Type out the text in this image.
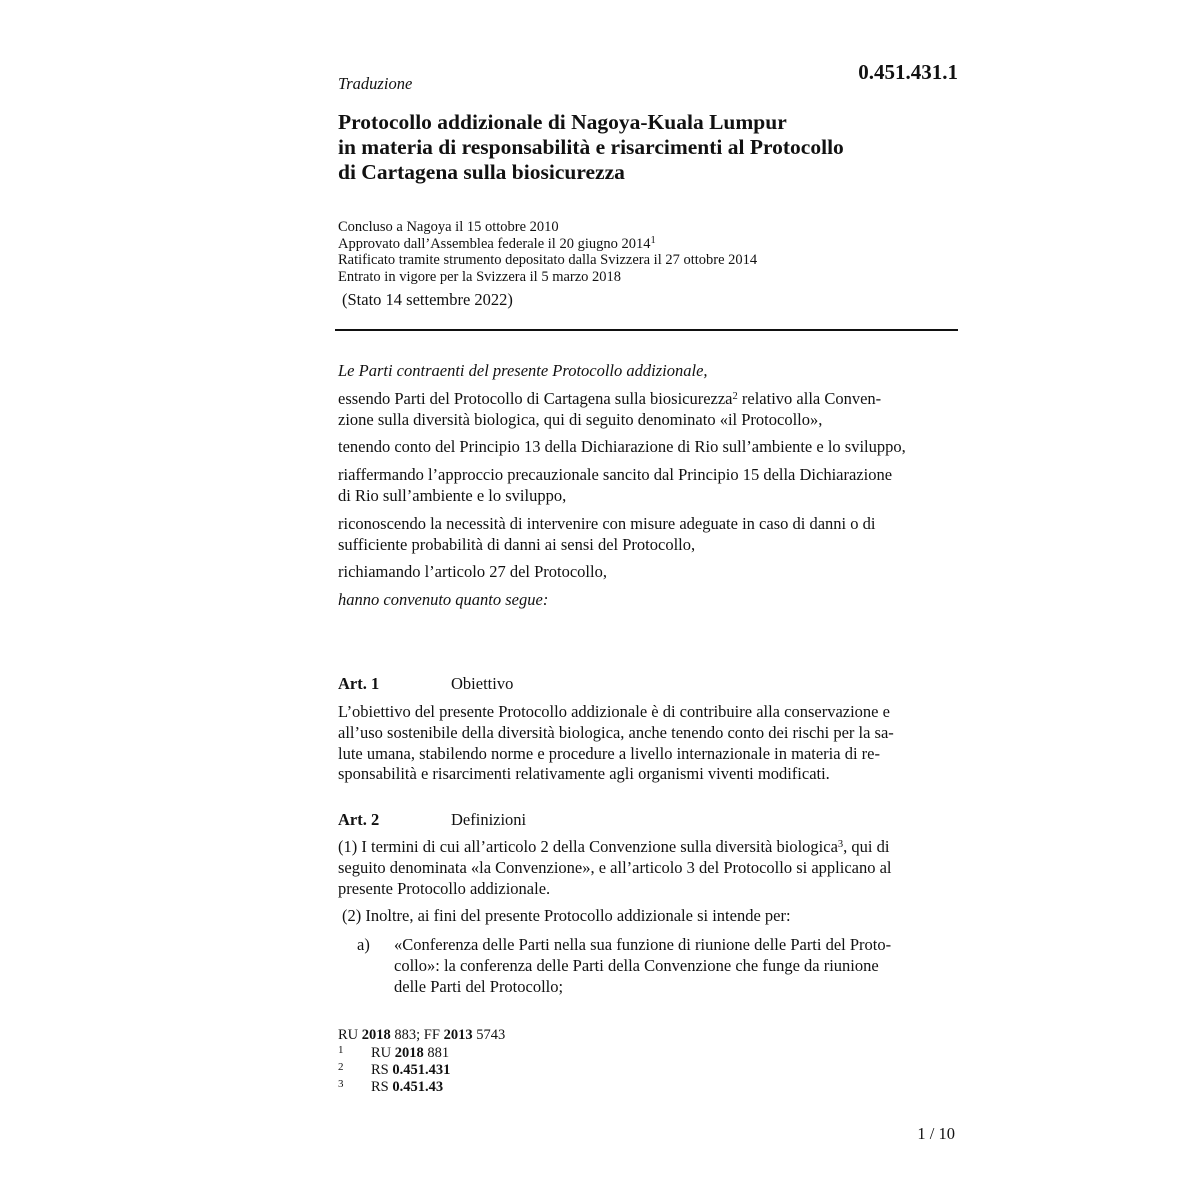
Traduzione	0.451.431.1
Protocollo addizionale di Nagoya-Kuala Lumpur
in materia di responsabilità e risarcimenti al Protocollo
di Cartagena sulla biosicurezza
Concluso a Nagoya il 15 ottobre 2010
Approvato dall’Assemblea federale il 20 giugno 2014$^1$
Ratificato tramite strumento depositato dalla Svizzera il 27 ottobre 2014
Entrato in vigore per la Svizzera il 5 marzo 2018
(Stato 14 settembre 2022)
Le Parti contraenti del presente Protocollo addizionale,
essendo Parti del Protocollo di Cartagena sulla biosicurezza$^2$ relativo alla Conven-
zione sulla diversità biologica, qui di seguito denominato «il Protocollo»,
tenendo conto del Principio 13 della Dichiarazione di Rio sull’ambiente e lo sviluppo,
riaffermando l’approccio precauzionale sancito dal Principio 15 della Dichiarazione
di Rio sull’ambiente e lo sviluppo,
riconoscendo la necessità di intervenire con misure adeguate in caso di danni o di
sufficiente probabilità di danni ai sensi del Protocollo,
richiamando l’articolo 27 del Protocollo,
hanno convenuto quanto segue:
Art. 1	Obiettivo
L’obiettivo del presente Protocollo addizionale è di contribuire alla conservazione e
all’uso sostenibile della diversità biologica, anche tenendo conto dei rischi per la sa-
lute umana, stabilendo norme e procedure a livello internazionale in materia di re-
sponsabilità e risarcimenti relativamente agli organismi viventi modificati.
Art. 2	Definizioni
(1) I termini di cui all’articolo 2 della Convenzione sulla diversità biologica$^3$, qui di
seguito denominata «la Convenzione», e all’articolo 3 del Protocollo si applicano al
presente Protocollo addizionale.
(2) Inoltre, ai fini del presente Protocollo addizionale si intende per:
a) «Conferenza delle Parti nella sua funzione di riunione delle Parti del Proto-
collo»: la conferenza delle Parti della Convenzione che funge da riunione
delle Parti del Protocollo;
RU 2018 883; FF 2013 5743
1 RU 2018 881
2 RS 0.451.431
3 RS 0.451.43
1 / 10
